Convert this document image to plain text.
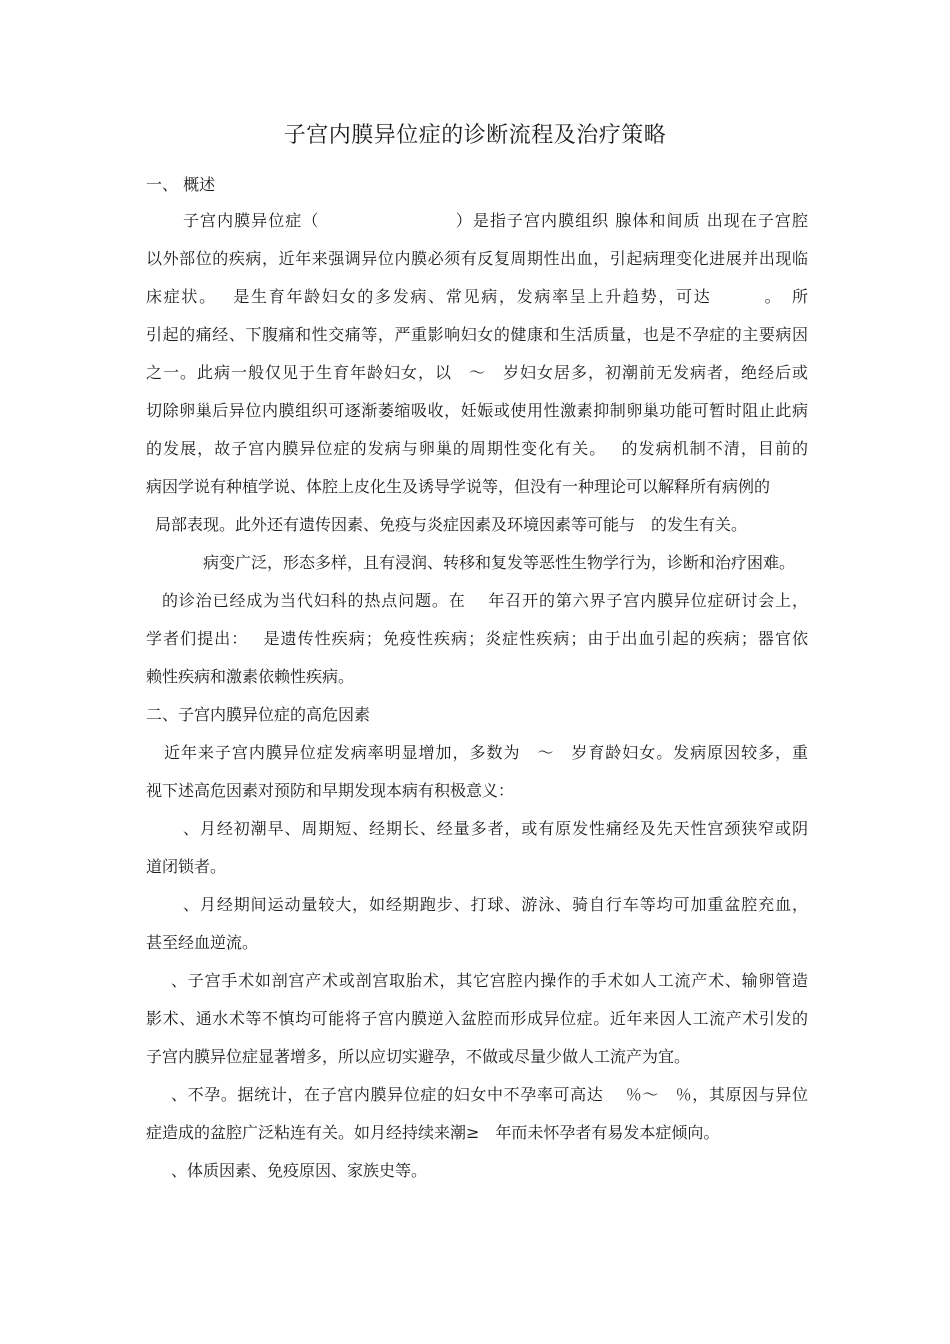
子宫内膜异位症的诊断流程及治疗策略

一、 概述

子宫内膜异位症（　　　　　　　　）是指子宫内膜组织 腺体和间质 出现在子宫腔

以外部位的疾病，近年来强调异位内膜必须有反复周期性出血，引起病理变化进展并出现临

床症状。　 是生育年龄妇女的多发病、常见病，发病率呈上升趋势，可达　　　。　所

引起的痛经、下腹痛和性交痛等，严重影响妇女的健康和生活质量，也是不孕症的主要病因

之一。此病一般仅见于生育年龄妇女，以　～　岁妇女居多，初潮前无发病者，绝经后或

切除卵巢后异位内膜组织可逐渐萎缩吸收，妊娠或使用性激素抑制卵巢功能可暂时阻止此病

的发展，故子宫内膜异位症的发病与卵巢的周期性变化有关。　 的发病机制不清，目前的

病因学说有种植学说、体腔上皮化生及诱导学说等，但没有一种理论可以解释所有病例的

局部表现。此外还有遗传因素、免疫与炎症因素及环境因素等可能与　的发生有关。

病变广泛，形态多样，且有浸润、转移和复发等恶性生物学行为，诊断和治疗困难。

的诊治已经成为当代妇科的热点问题。在　 年召开的第六界子宫内膜异位症研讨会上，

学者们提出：　 是遗传性疾病；免疫性疾病；炎症性疾病；由于出血引起的疾病；器官依

赖性疾病和激素依赖性疾病。

二、子宫内膜异位症的高危因素

近年来子宫内膜异位症发病率明显增加，多数为　～　岁育龄妇女。发病原因较多，重

视下述高危因素对预防和早期发现本病有积极意义：

、月经初潮早、周期短、经期长、经量多者，或有原发性痛经及先天性宫颈狭窄或阴

道闭锁者。

、月经期间运动量较大，如经期跑步、打球、游泳、骑自行车等均可加重盆腔充血，

甚至经血逆流。

、子宫手术如剖宫产术或剖宫取胎术，其它宫腔内操作的手术如人工流产术、输卵管造

影术、通水术等不慎均可能将子宫内膜逆入盆腔而形成异位症。近年来因人工流产术引发的

子宫内膜异位症显著增多，所以应切实避孕，不做或尽量少做人工流产为宜。

、不孕。据统计，在子宫内膜异位症的妇女中不孕率可高达　 ％～　％，其原因与异位

症造成的盆腔广泛粘连有关。如月经持续来潮≥　年而未怀孕者有易发本症倾向。

、体质因素、免疫原因、家族史等。
